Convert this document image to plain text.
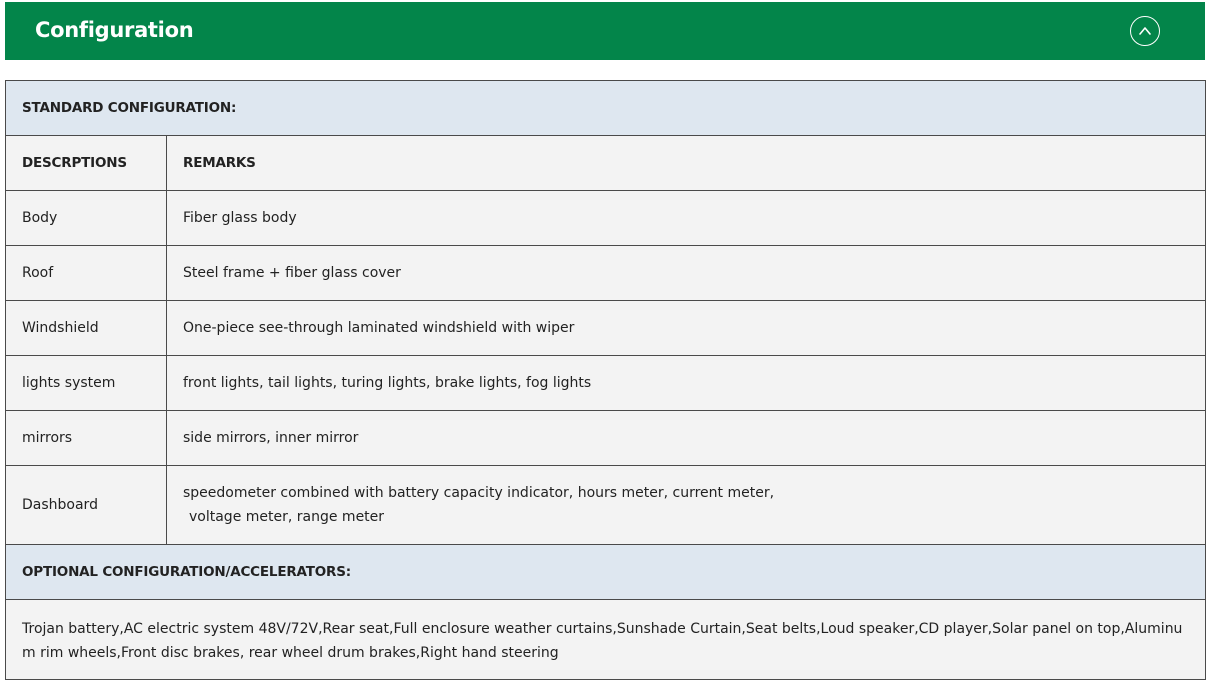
Configuration
STANDARD CONFIGURATION:	
DESCRPTIONS	REMARKS
Body	Fiber glass body
Roof	Steel frame + fiber glass cover
Windshield	One-piece see-through laminated windshield with wiper
lights system	front lights, tail lights, turing lights, brake lights, fog lights
mirrors	side mirrors, inner mirror
Dashboard	speedometer combined with battery capacity indicator, hours meter, current meter,
voltage meter, range meter

OPTIONAL CONFIGURATION/ACCELERATORS:	
Trojan battery,AC electric system 48V/72V,Rear seat,Full enclosure weather curtains,Sunshade Curtain,Seat belts,Loud speaker,CD player,Solar panel on top,Aluminum rim wheels,Front disc brakes, rear wheel drum brakes,Right hand steering	
